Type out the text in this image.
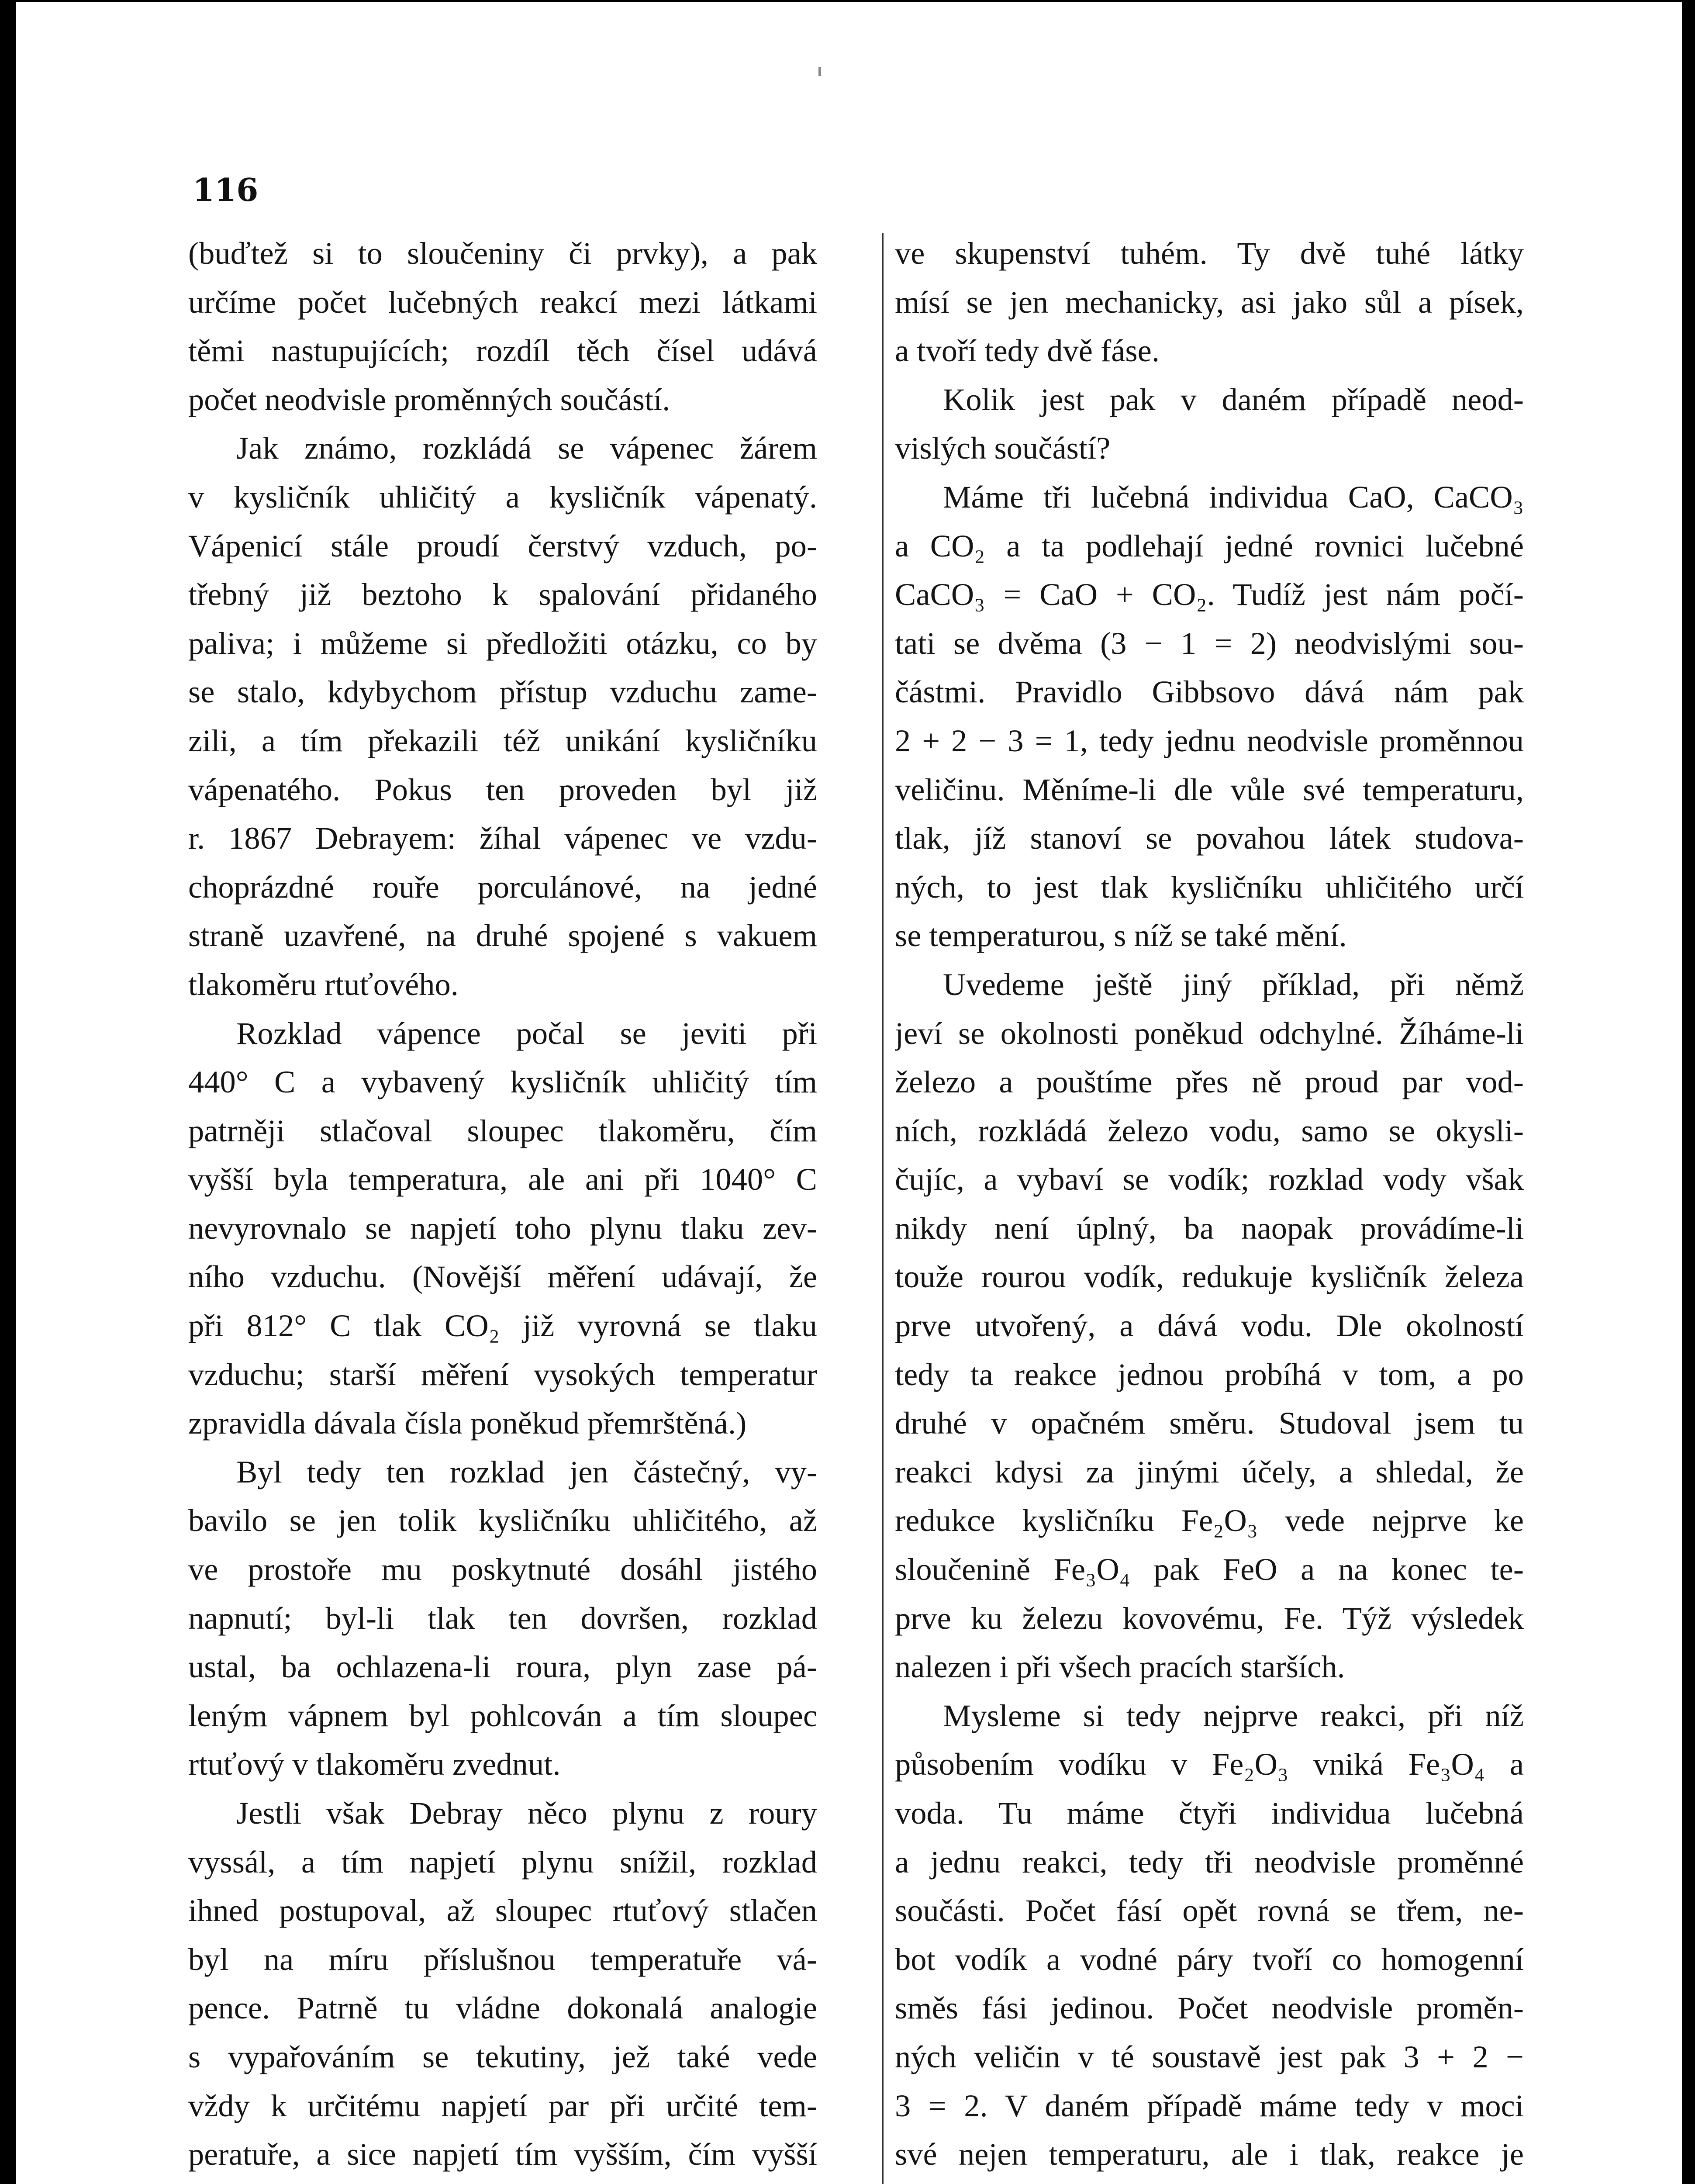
116
(buďtež si to sloučeniny či prvky), a pak
určíme počet lučebných reakcí mezi látkami
těmi nastupujících; rozdíl těch čísel udává
počet neodvisle proměnných součástí.
Jak známo, rozkládá se vápenec žárem
v kysličník uhličitý a kysličník vápenatý.
Vápenicí stále proudí čerstvý vzduch, po-
třebný již beztoho k spalování přidaného
paliva; i můžeme si předložiti otázku, co by
se stalo, kdybychom přístup vzduchu zame-
zili, a tím překazili též unikání kysličníku
vápenatého. Pokus ten proveden byl již
r. 1867 Debrayem: žíhal vápenec ve vzdu-
choprázdné rouře porculánové, na jedné
straně uzavřené, na druhé spojené s vakuem
tlakoměru rtuťového.
Rozklad vápence počal se jeviti při
440° C a vybavený kysličník uhličitý tím
patrněji stlačoval sloupec tlakoměru, čím
vyšší byla temperatura, ale ani při 1040° C
nevyrovnalo se napjetí toho plynu tlaku zev-
ního vzduchu. (Novější měření udávají, že
při 812° C tlak CO₂ již vyrovná se tlaku
vzduchu; starší měření vysokých temperatur
zpravidla dávala čísla poněkud přemrštěná.)
Byl tedy ten rozklad jen částečný, vy-
bavilo se jen tolik kysličníku uhličitého, až
ve prostoře mu poskytnuté dosáhl jistého
napnutí; byl-li tlak ten dovršen, rozklad
ustal, ba ochlazena-li roura, plyn zase pá-
leným vápnem byl pohlcován a tím sloupec
rtuťový v tlakoměru zvednut.
Jestli však Debray něco plynu z roury
vyssál, a tím napjetí plynu snížil, rozklad
ihned postupoval, až sloupec rtuťový stlačen
byl na míru příslušnou temperatuře vá-
pence. Patrně tu vládne dokonalá analogie
s vypařováním se tekutiny, jež také vede
vždy k určitému napjetí par při určité tem-
peratuře, a sice napjetí tím vyšším, čím vyšší
ve skupenství tuhém. Ty dvě tuhé látky
mísí se jen mechanicky, asi jako sůl a písek,
a tvoří tedy dvě fáse.
Kolik jest pak v daném případě neod-
vislých součástí?
Máme tři lučebná individua CaO, CaCO₃
a CO₂ a ta podlehají jedné rovnici lučebné
CaCO₃ = CaO + CO₂. Tudíž jest nám počí-
tati se dvěma (3 − 1 = 2) neodvislými sou-
částmi. Pravidlo Gibbsovo dává nám pak
2 + 2 − 3 = 1, tedy jednu neodvisle proměnnou
veličinu. Měníme-li dle vůle své temperaturu,
tlak, jíž stanoví se povahou látek studova-
ných, to jest tlak kysličníku uhličitého určí
se temperaturou, s níž se také mění.
Uvedeme ještě jiný příklad, při němž
jeví se okolnosti poněkud odchylné. Žíháme-li
železo a pouštíme přes ně proud par vod-
ních, rozkládá železo vodu, samo se okysli-
čujíc, a vybaví se vodík; rozklad vody však
nikdy není úplný, ba naopak provádíme-li
touže rourou vodík, redukuje kysličník železa
prve utvořený, a dává vodu. Dle okolností
tedy ta reakce jednou probíhá v tom, a po
druhé v opačném směru. Studoval jsem tu
reakci kdysi za jinými účely, a shledal, že
redukce kysličníku Fe₂O₃ vede nejprve ke
sloučenině Fe₃O₄ pak FeO a na konec te-
prve ku železu kovovému, Fe. Týž výsledek
nalezen i při všech pracích starších.
Mysleme si tedy nejprve reakci, při níž
působením vodíku v Fe₂O₃ vniká Fe₃O₄ a
voda. Tu máme čtyři individua lučebná
a jednu reakci, tedy tři neodvisle proměnné
součásti. Počet fásí opět rovná se třem, ne-
bot vodík a vodné páry tvoří co homogenní
směs fási jedinou. Počet neodvisle proměn-
ných veličin v té soustavě jest pak 3 + 2 −
3 = 2. V daném případě máme tedy v moci
své nejen temperaturu, ale i tlak, reakce je
